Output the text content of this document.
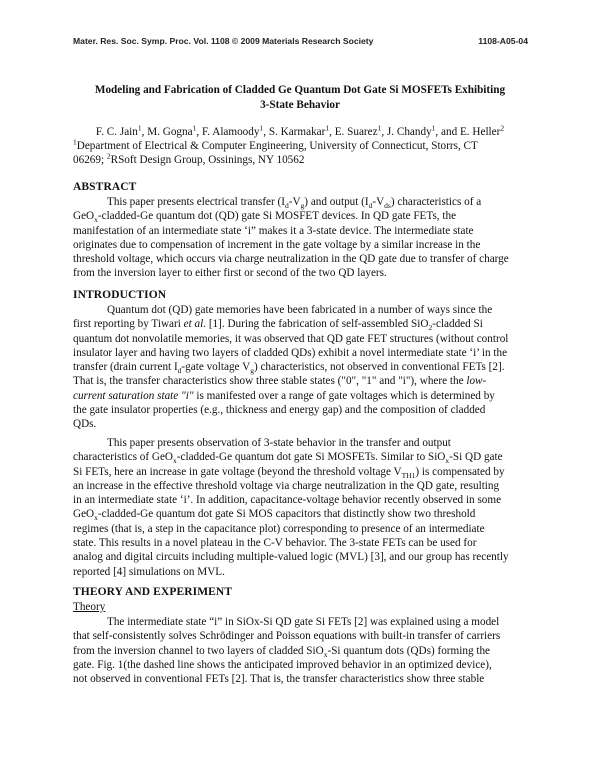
Mater. Res. Soc. Symp. Proc. Vol. 1108 © 2009 Materials Research Society	1108-A05-04
Modeling and Fabrication of Cladded Ge Quantum Dot Gate Si MOSFETs Exhibiting
3-State Behavior
F. C. Jain$^1$, M. Gogna$^1$, F. Alamoody$^1$, S. Karmakar$^1$, E. Suarez$^1$, J. Chandy$^1$, and E. Heller$^2$
$^1$Department of Electrical & Computer Engineering, University of Connecticut, Storrs, CT
06269; $^2$RSoft Design Group, Ossinings, NY 10562
ABSTRACT
This paper presents electrical transfer $(I_d-V_g)$ and output $(I_d-V_{ds})$ characteristics of a
GeO$_x$-cladded-Ge quantum dot (QD) gate Si MOSFET devices. In QD gate FETs, the
manifestation of an intermediate state ‘i” makes it a 3-state device. The intermediate state
originates due to compensation of increment in the gate voltage by a similar increase in the
threshold voltage, which occurs via charge neutralization in the QD gate due to transfer of charge
from the inversion layer to either first or second of the two QD layers.
INTRODUCTION
Quantum dot (QD) gate memories have been fabricated in a number of ways since the
first reporting by Tiwari et al. [1]. During the fabrication of self-assembled SiO$_2$-cladded Si
quantum dot nonvolatile memories, it was observed that QD gate FET structures (without control
insulator layer and having two layers of cladded QDs) exhibit a novel intermediate state ‘i’ in the
transfer (drain current $I_d$-gate voltage $V_g$) characteristics, not observed in conventional FETs [2].
That is, the transfer characteristics show three stable states ("0", "1" and "i"), where the low-
current saturation state "i" is manifested over a range of gate voltages which is determined by
the gate insulator properties (e.g., thickness and energy gap) and the composition of cladded
QDs.
This paper presents observation of 3-state behavior in the transfer and output
characteristics of GeO$_x$-cladded-Ge quantum dot gate Si MOSFETs. Similar to SiO$_x$-Si QD gate
Si FETs, here an increase in gate voltage (beyond the threshold voltage $V_{TH1}$) is compensated by
an increase in the effective threshold voltage via charge neutralization in the QD gate, resulting
in an intermediate state ‘i’. In addition, capacitance-voltage behavior recently observed in some
GeO$_x$-cladded-Ge quantum dot gate Si MOS capacitors that distinctly show two threshold
regimes (that is, a step in the capacitance plot) corresponding to presence of an intermediate
state. This results in a novel plateau in the C-V behavior. The 3-state FETs can be used for
analog and digital circuits including multiple-valued logic (MVL) [3], and our group has recently
reported [4] simulations on MVL.
THEORY AND EXPERIMENT
Theory
The intermediate state “i” in SiOx-Si QD gate Si FETs [2] was explained using a model
that self-consistently solves Schrödinger and Poisson equations with built-in transfer of carriers
from the inversion channel to two layers of cladded SiO$_x$-Si quantum dots (QDs) forming the
gate. Fig. 1(the dashed line shows the anticipated improved behavior in an optimized device),
not observed in conventional FETs [2]. That is, the transfer characteristics show three stable
